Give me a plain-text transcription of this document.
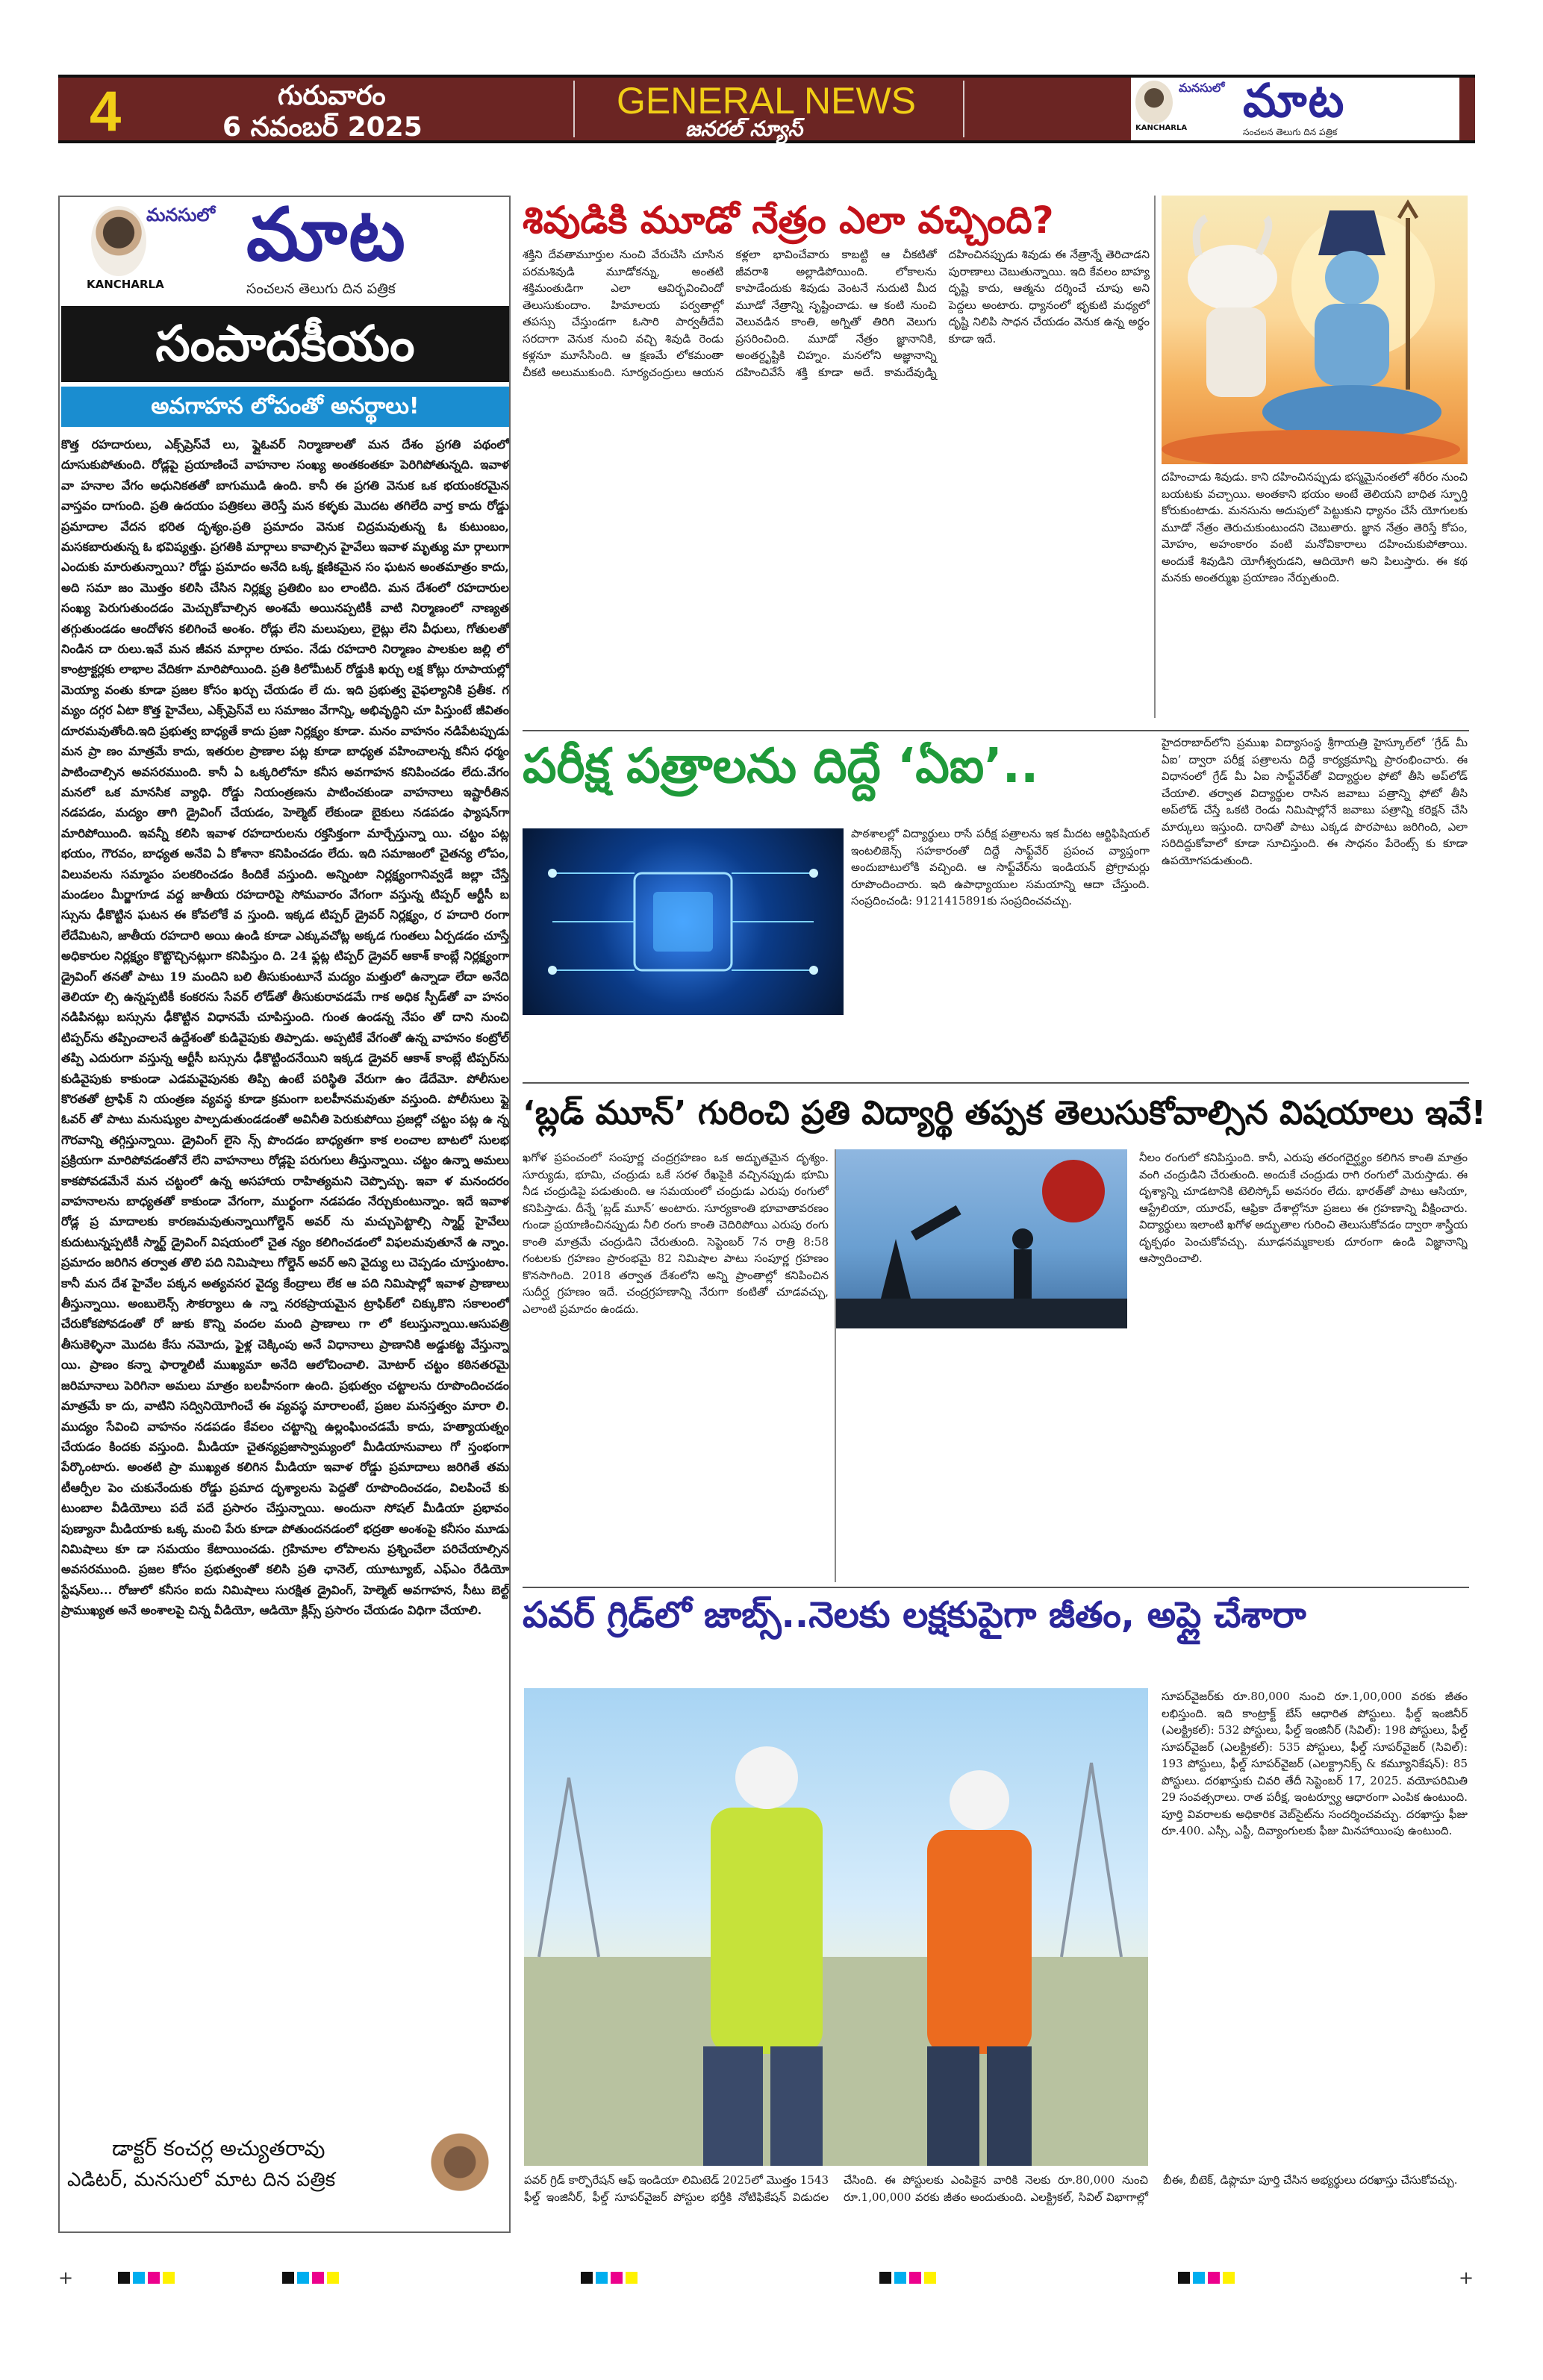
4	గురువారం
6 నవంబర్ 2025
GENERAL NEWS
జనరల్ న్యూస్
మనసులో మాట
KANCHARLA	సంచలన తెలుగు దిన పత్రిక
మనసులో మాట
KANCHARLA	సంచలన తెలుగు దిన పత్రిక
సంపాదకీయం
అవగాహన లోపంతో అనర్థాలు!
కొత్త రహదారులు, ఎక్స్‌ప్రెస్‌వే లు, ఫ్లైఓవర్ నిర్మాణాలతో మన దేశం ప్రగతి పథంలో దూసుకుపోతుంది. రోడ్లపై ప్రయాణించే వాహనాల సంఖ్య అంతకంతకూ పెరిగిపోతున్నది. ఇవాళ వా హనాల వేగం అధునికతతో బాగుముడి ఉంది. కానీ ఈ ప్రగతి వెనుక ఒక భయంకరమైన వాస్తవం దాగుంది. ప్రతి ఉదయం పత్రికలు తెరిస్తే మన కళ్ళకు మొదట తగిలేది వార్త కాదు రోడ్డు ప్రమాదాల వేదన భరిత దృశ్యం.ప్రతి ప్రమాదం వెనుక చిద్రమవుతున్న ఓ కుటుంబం, మసకబారుతున్న ఓ భవిష్యత్తు. ప్రగతికి మార్గాలు కావాల్సిన హైవేలు ఇవాళ మృత్యు మా ర్గాలుగా ఎందుకు మారుతున్నాయి? రోడ్డు ప్రమాదం అనేది ఒక్క క్షణికమైన సం ఘటన అంతమాత్రం కాదు, అది సమా జం మొత్తం కలిసి చేసిన నిర్లక్ష్య ప్రతిబిం బం లాంటిది. మన దేశంలో రహదారుల సంఖ్య పెరుగుతుందడం మెచ్చుకోవాల్సిన అంశమే అయినప్పటికీ వాటి నిర్మాణంలో నాణ్యత తగ్గుతుండడం ఆందోళన కలిగించే అంశం. రోడ్లు లేని మలుపులు, లైట్లు లేని వీధులు, గోతులతో నిండిన దా రులు.ఇవే మన జీవన మార్గాల రూపం. నేడు రహదారి నిర్మాణం పాలకుల జల్లి లో కాంట్రాక్టర్లకు లాభాల వేదికగా మారిపోయింది. ప్రతి కిలోమీటర్ రోడ్డుకి ఖర్చు లక్ష కోట్లు రూపాయల్లో మెయ్యా వంతు కూడా ప్రజల కోసం ఖర్చు చేయడం లే దు. ఇది ప్రభుత్వ వైఫల్యానికి ప్రతీక. గ మ్యం దగ్గర ఏటా కొత్త హైవేలు, ఎక్స్‌ప్రెస్‌వే లు సమాజం వేగాన్ని, అభివృద్ధిని చూ పిస్తుంటే జీవితం దూరమవుతోంది.ఇది ప్రభుత్వ బాధ్యతే కాదు ప్రజా నిర్లక్ష్యం కూడా. మనం వాహనం నడిపేటప్పుడు మన ప్రా ణం మాత్రమే కాదు, ఇతరుల ప్రాణాల పట్ల కూడా బాధ్యత వహించాలన్న కనీస ధర్మం పాటించాల్సిన అవసరముంది. కానీ ఏ ఒక్కరిలోనూ కనీస అవగాహన కనిపించడం లేదు.వేగం మనలో ఒక మానసిక వ్యాధి. రోడ్డు నియంత్రణను పాటించకుండా వాహనాలు ఇష్టారీతిన నడపడం, మద్యం తాగి డ్రైవింగ్ చేయడం, హెల్మెట్ లేకుండా బైకులు నడపడం ఫ్యాషన్‌గా మారిపోయింది. ఇవన్నీ కలిసి ఇవాళ రహదారులను రక్తసిక్తంగా మార్చేస్తున్నా యి. చట్టం పట్ల భయం, గౌరవం, బాధ్యత అనేవి ఏ కోశానా కనిపించడం లేదు. ఇది సమాజంలో చైతన్య లోపం, విలువలను సమ్మాపం పలకరించడం కిందికే వస్తుంది. అన్నింటా నిర్లక్ష్యంగానివ్వడే జల్లా చేస్తే మండలం మీర్జాగూడ వద్ద జాతీయ రహదారిపై సోమవారం వేగంగా వస్తున్న టిప్పర్ ఆర్టీసీ బ స్సును ఢీకొట్టిన ఘటన ఈ కోవలోకే వ స్తుంది. ఇక్కడ టిప్పర్ డ్రైవర్ నిర్లక్ష్యం, ర హదారి రంగా లేదేమిటని, జాతీయ రహదారి అయి ఉండి కూడా ఎక్కువచోట్ల అక్కడ గుంతలు ఏర్పడడం చూస్తే అధికారుల నిర్లక్ష్యం కొట్టొచ్చినట్లుగా కనిపిస్తుం ది. 24 ఫ్లట్ల టిప్పర్ డ్రైవర్ ఆకాశ్ కాంబ్లే నిర్లక్ష్యంగా డ్రైవింగ్ తనతో పాటు 19 మందిని బలి తీసుకుంటూనే మద్యం మత్తులో ఉన్నాడా లేదా అనేది తెలియా ల్సి ఉన్నప్పటికీ కంకరను సేవర్ లోడ్‌తో తీసుకురావడమే గాక అధిక స్పీడ్‌తో వా హనం నడిపినట్లు బస్సును ఢీకొట్టిన విధానమే చూపిస్తుంది. గుంత ఉండన్న నేపం తో దాని నుంచి టిప్పర్‌ను తప్పించాలనే ఉద్దేశంతో కుడివైపుకు తిప్పాడు. అప్పటికే వేగంతో ఉన్న వాహనం కంట్రోల్ తప్పి ఎదురుగా వస్తున్న ఆర్టీసీ బస్సును ఢీకొట్టిందనేయిని ఇక్కడ డ్రైవర్ ఆకాశ్ కాంబ్లే టిప్పర్‌ను కుడివైపుకు కాకుండా ఎడమవైపునకు తిప్పి ఉంటే పరిస్థితి వేరుగా ఉం డేదేమో. పోలీసుల కొరతతో ట్రాఫిక్ ని యంత్రణ వ్యవస్థ కూడా క్రమంగా బలహీనమవుతూ వస్తుంది. పోలీసులు ఫ్లై ఓవర్ తో పాటు మనుష్యుల పాల్పడుతుండడంతో అవినీతి పెరుకుపోయి ప్రజల్లో చట్టం పట్ల ఉ న్న గౌరవాన్ని తగ్గిస్తున్నాయి. డ్రైవింగ్ లైసె న్స్ పొందడం బాధ్యతగా కాక లంచాల బాటలో సులభ ప్రక్రియగా మారిపోవడంతోనే లేని వాహనాలు రోడ్లపై పరుగులు తీస్తున్నాయి. చట్టం ఉన్నా అమలు కాకపోవడమేనే మన చట్టంలో ఉన్న అసహాయ రాహిత్యమని చెప్పొచ్చు. ఇవా ళ మనందరం వాహనాలను బాధ్యతతో కాకుండా వేగంగా, ముర్ఖంగా నడపడం నేర్చుకుంటున్నాం. ఇదే ఇవాళ రోడ్ల ప్ర మాదాలకు కారణమవుతున్నాయిగోల్డెన్ అవర్ ‌ను మచ్చుపెట్టాల్సి స్మార్ట్ హైవేలు కుదుటున్నప్పటికీ స్మార్ట్ డ్రైవింగ్ విషయంలో చైత న్యం కలిగించడంలో విఫలమవుతూనే ఉ న్నాం. ప్రమాదం జరిగిన తర్వాత తొలి పది నిమిషాలు గోల్డెన్ అవర్ అని వైద్యు లు చెప్పడం చూస్తుంటాం. కానీ మన దేశ హైవేల పక్కన అత్యవసర వైద్య కేంద్రాలు లేక ఆ పది నిమిషాల్లో ఇవాళ ప్రాణాలు తీస్తున్నాయి. అంబులెన్స్ సౌకర్యాలు ఉ న్నా నరకప్రాయమైన ట్రాఫిక్‌లో చిక్కుకొని సకాలంలో చేరుకోకపోవడంతో రో జుకు కొన్ని వందల మంది ప్రాణాలు గా లో కలుస్తున్నాయి.ఆసుపత్రి తీసుకెళ్ళినా మొదట కేసు నమోదు, ఫైళ్ల చెక్కింపు అనే విధానాలు ప్రాణానికి అడ్డుకట్ట వేస్తున్నా యి. ప్రాణం కన్నా ఫార్మాలిటీ ముఖ్యమా అనేది ఆలోచించాలి. మోటార్ చట్టం కఠినతరమై జరిమానాలు పెరిగినా అమలు మాత్రం బలహీనంగా ఉంది. ప్రభుత్వం చట్టాలను రూపొందించడం మాత్రమే కా దు, వాటిని సద్వినియోగించే ఈ వ్యవస్థ మారాలంటే, ప్రజల మనస్తత్వం మారా లి. ముద్యం సేవించి వాహనం నడపడం కేవలం చట్టాన్ని ఉల్లంఘించడమే కాదు, హత్యాయత్నం చేయడం కిందకు వస్తుంది. మీడియా చైతన్యప్రజాస్వామ్యంలో మీడియానువాలు గో స్తంభంగా పేర్కొంటారు. అంతటి ప్రా ముఖ్యత కలిగిన మీడియా ఇవాళ రోడ్డు ప్రమాదాలు జరిగితే తమ టీఆర్పీల పెం చుకునేందుకు రోడ్డు ప్రమాద దృశ్యాలను పెద్దతో రూపొందించడం, విలపించే కు టుంబాల వీడియోలు పదే పదే ప్రసారం చేస్తున్నాయి. అందునా సోషల్ మీడియా ప్రభావం పుణ్యానా మీడియాకు ఒక్క మంచి పేరు కూడా పోతుందనడంలో భద్రతా అంశంపై కనీసం మూడు నిమిషాలు కూ డా సమయం కేటాయించడు. గ్రహిమాల లోపాలను ప్రశ్నించేలా పరిచేయాల్సిన అవసరముంది. ప్రజల కోసం ప్రభుత్వంతో కలిసి ప్రతి ఛానెల్, యూట్యూబ్, ఎఫ్‌ఎం రేడియో స్టేషన్‌లు... రోజులో కనీసం ఐదు నిమిషాలు సురక్షిత డ్రైవింగ్, హెల్మెట్ అవగాహన, సీటు బెల్ట్ ప్రాముఖ్యత అనే అంశాలపై చిన్న వీడియో, ఆడియో క్లిప్స్ ప్రసారం చేయడం విధిగా చేయాలి.
డాక్టర్ కంచర్ల అచ్యుతరావు
ఎడిటర్, మనసులో మాట దిన పత్రిక
శివుడికి మూడో నేత్రం ఎలా వచ్చింది?
శక్తిని దేవతామూర్తుల నుంచి వేరుచేసి చూసిన పరమశివుడి మూడోకన్ను, అంతటి శక్తిమంతుడిగా ఎలా ఆవిర్భవించిందో తెలుసుకుందాం. హిమాలయ పర్వతాల్లో తపస్సు చేస్తుండగా ఓసారి పార్వతీదేవి సరదాగా వెనుక నుంచి వచ్చి శివుడి రెండు కళ్లనూ మూసేసింది. ఆ క్షణమే లోకమంతా చీకటి అలుముకుంది. సూర్యచంద్రులు ఆయన కళ్లలా భావించేవారు కాబట్టి ఆ చీకటితో జీవరాశి అల్లాడిపోయింది. లోకాలను కాపాడేందుకు శివుడు వెంటనే నుదుటి మీద మూడో నేత్రాన్ని సృష్టించాడు. ఆ కంటి నుంచి వెలువడిన కాంతి, అగ్నితో తిరిగి వెలుగు ప్రసరించింది. మూడో నేత్రం జ్ఞానానికి, అంతర్దృష్టికి చిహ్నం. మనలోని అజ్ఞానాన్ని దహించివేసే శక్తి కూడా అదే. కామదేవుడ్ని దహించినప్పుడు శివుడు ఈ నేత్రాన్నే తెరిచాడని పురాణాలు చెబుతున్నాయి. ఇది కేవలం బాహ్య దృష్టి కాదు, ఆత్మను దర్శించే చూపు అని పెద్దలు అంటారు. ధ్యానంలో భృకుటి మధ్యలో దృష్టి నిలిపి సాధన చేయడం వెనుక ఉన్న అర్థం కూడా ఇదే.
దహించాడు శివుడు. కాని దహించినప్పుడు భస్మమైనంతలో శరీరం నుంచి బయటకు వచ్చాయి. అంతకాని భయం అంటే తెలియని బాధిత స్ఫూర్తి కోరుకుంటాడు. మనసును అదుపులో పెట్టుకుని ధ్యానం చేసే యోగులకు మూడో నేత్రం తెరుచుకుంటుందని చెబుతారు. జ్ఞాన నేత్రం తెరిస్తే కోపం, మోహం, అహంకారం వంటి మనోవికారాలు దహించుకుపోతాయి. అందుకే శివుడిని యోగీశ్వరుడని, ఆదియోగి అని పిలుస్తారు. ఈ కథ మనకు అంతర్ముఖ ప్రయాణం నేర్పుతుంది.
పరీక్ష పత్రాలను దిద్దే ‘ఏఐ’..	హైదరాబాద్‌లోని ప్రముఖ విద్యాసంస్థ శ్రీగాయత్రి హైస్కూల్‌లో ‘గ్రేడ్ మీ ఏఐ’ ద్వారా పరీక్ష పత్రాలను దిద్దే కార్యక్రమాన్ని ప్రారంభించారు. ఈ విధానంలో గ్రేడ్ మీ ఏఐ సాఫ్ట్‌వేర్‌తో విద్యార్థుల ఫోటో తీసి అప్‌లోడ్ చేయాలి. తర్వాత విద్యార్థుల రాసిన జవాబు పత్రాన్ని ఫోటో తీసి అప్‌లోడ్ చేస్తే ఒకటి రెండు నిమిషాల్లోనే జవాబు పత్రాన్ని కరెక్షన్ చేసి మార్కులు ఇస్తుంది. దానితో పాటు ఎక్కడ పొరపాటు జరిగింది, ఎలా సరిదిద్దుకోవాలో కూడా సూచిస్తుంది. ఈ సాధనం పేరెంట్స్ కు కూడా ఉపయోగపడుతుంది.
పాఠశాలల్లో విద్యార్థులు రాసే పరీక్ష పత్రాలను ఇక మీదట ఆర్టిఫిషియల్ ఇంటలిజెన్స్ సహకారంతో దిద్దే సాఫ్ట్‌వేర్ ప్రపంచ వ్యాప్తంగా అందుబాటులోకి వచ్చింది. ఆ సాఫ్ట్‌వేర్‌ను ఇండియన్ ప్రోగ్రామర్లు రూపొందించారు. ఇది ఉపాధ్యాయుల సమయాన్ని ఆదా చేస్తుంది. సంప్రదించండి: 9121415891కు సంప్రదించవచ్చు.
‘బ్లడ్ మూన్’ గురించి ప్రతి విద్యార్థి తప్పక తెలుసుకోవాల్సిన విషయాలు ఇవే!
ఖగోళ ప్రపంచంలో సంపూర్ణ చంద్రగ్రహణం ఒక అద్భుతమైన దృశ్యం. సూర్యుడు, భూమి, చంద్రుడు ఒకే సరళ రేఖపైకి వచ్చినప్పుడు భూమి నీడ చంద్రుడిపై పడుతుంది. ఆ సమయంలో చంద్రుడు ఎరుపు రంగులో కనిపిస్తాడు. దీన్నే ‘బ్లడ్ మూన్’ అంటారు. సూర్యకాంతి భూవాతావరణం గుండా ప్రయాణించినప్పుడు నీలి రంగు కాంతి చెదిరిపోయి ఎరుపు రంగు కాంతి మాత్రమే చంద్రుడిని చేరుతుంది. సెప్టెంబర్ 7న రాత్రి 8:58 గంటలకు గ్రహణం ప్రారంభమై 82 నిమిషాల పాటు సంపూర్ణ గ్రహణం కొనసాగింది. 2018 తర్వాత దేశంలోని అన్ని ప్రాంతాల్లో కనిపించిన సుదీర్ఘ గ్రహణం ఇదే. చంద్రగ్రహణాన్ని నేరుగా కంటితో చూడవచ్చు, ఎలాంటి ప్రమాదం ఉండదు.
నీలం రంగులో కనిపిస్తుంది. కానీ, ఎరుపు తరంగదైర్ఘ్యం కలిగిన కాంతి మాత్రం వంగి చంద్రుడిని చేరుతుంది. అందుకే చంద్రుడు రాగి రంగులో మెరుస్తాడు. ఈ దృశ్యాన్ని చూడటానికి టెలిస్కోప్ అవసరం లేదు. భారత్‌తో పాటు ఆసియా, ఆస్ట్రేలియా, యూరప్, ఆఫ్రికా దేశాల్లోనూ ప్రజలు ఈ గ్రహణాన్ని వీక్షించారు. విద్యార్థులు ఇలాంటి ఖగోళ అద్భుతాల గురించి తెలుసుకోవడం ద్వారా శాస్త్రీయ దృక్పథం పెంచుకోవచ్చు. మూఢనమ్మకాలకు దూరంగా ఉండి విజ్ఞానాన్ని ఆస్వాదించాలి.
పవర్ గ్రిడ్‌లో జాబ్స్..నెలకు లక్షకుపైగా జీతం, అప్లై చేశారా
సూపర్‌వైజర్‌కు రూ.80,000 నుంచి రూ.1,00,000 వరకు జీతం లభిస్తుంది. ఇది కాంట్రాక్ట్ బేస్ ఆధారిత పోస్టులు. ఫీల్డ్ ఇంజినీర్ (ఎలక్ట్రికల్): 532 పోస్టులు, ఫీల్డ్ ఇంజినీర్ (సివిల్): 198 పోస్టులు, ఫీల్డ్ సూపర్‌వైజర్ (ఎలక్ట్రికల్): 535 పోస్టులు, ఫీల్డ్ సూపర్‌వైజర్ (సివిల్): 193 పోస్టులు, ఫీల్డ్ సూపర్‌వైజర్ (ఎలక్ట్రానిక్స్ & కమ్యూనికేషన్): 85 పోస్టులు. దరఖాస్తుకు చివరి తేదీ సెప్టెంబర్ 17, 2025. వయోపరిమితి 29 సంవత్సరాలు. రాత పరీక్ష, ఇంటర్వ్యూ ఆధారంగా ఎంపిక ఉంటుంది. పూర్తి వివరాలకు అధికారిక వెబ్‌సైట్‌ను సందర్శించవచ్చు. దరఖాస్తు ఫీజు రూ.400. ఎస్సీ, ఎస్టీ, దివ్యాంగులకు ఫీజు మినహాయింపు ఉంటుంది.
పవర్ గ్రిడ్ కార్పొరేషన్ ఆఫ్ ఇండియా లిమిటెడ్ 2025లో మొత్తం 1543 ఫీల్డ్ ఇంజినీర్, ఫీల్డ్ సూపర్‌వైజర్ పోస్టుల భర్తీకి నోటిఫికేషన్ విడుదల చేసింది. ఈ పోస్టులకు ఎంపికైన వారికి నెలకు రూ.80,000 నుంచి రూ.1,00,000 వరకు జీతం అందుతుంది. ఎలక్ట్రికల్, సివిల్ విభాగాల్లో బీఈ, బీటెక్, డిప్లొమా పూర్తి చేసిన అభ్యర్థులు దరఖాస్తు చేసుకోవచ్చు.
+	+
